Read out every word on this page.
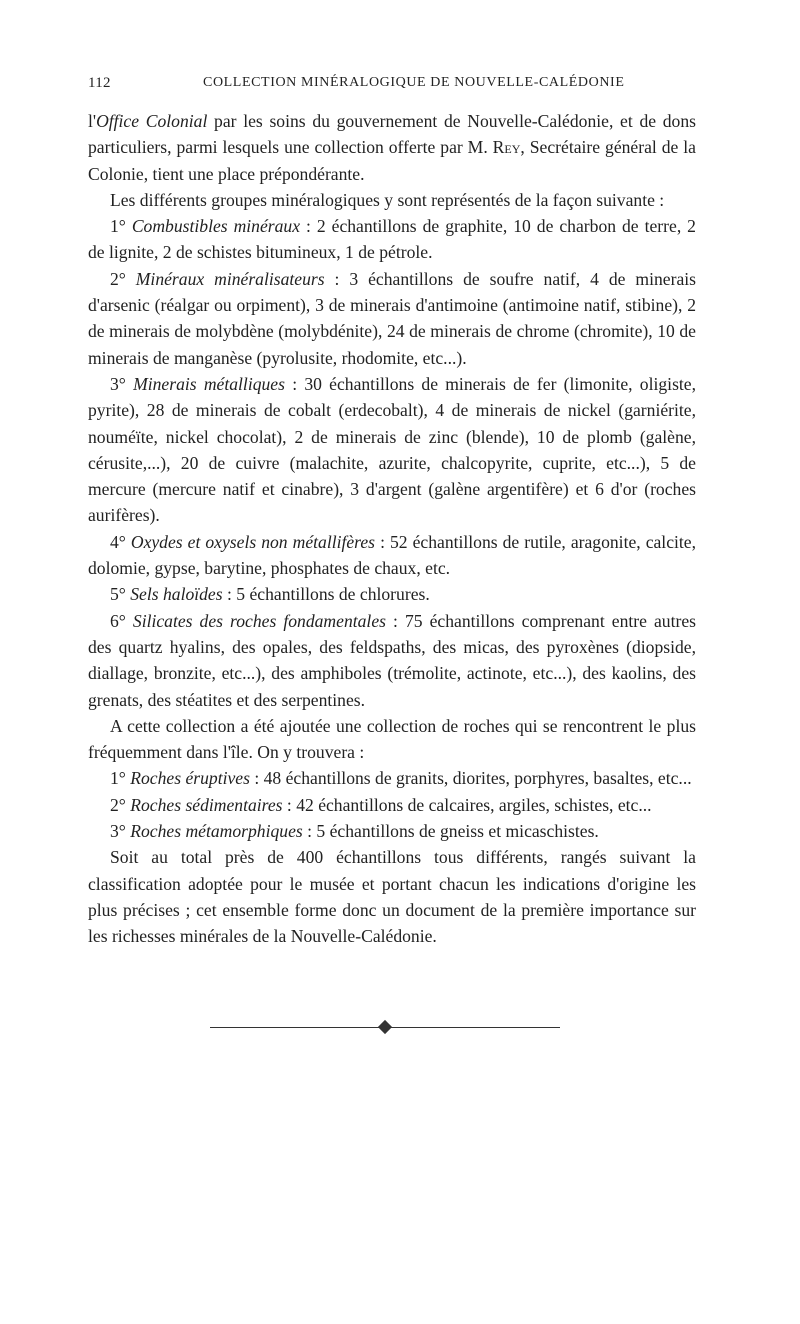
112	COLLECTION MINÉRALOGIQUE DE NOUVELLE-CALÉDONIE

l'Office Colonial par les soins du gouvernement de Nouvelle-Calédonie, et de dons particuliers, parmi lesquels une collection offerte par M. Rey, Secrétaire général de la Colonie, tient une place prépondérante.

Les différents groupes minéralogiques y sont représentés de la façon suivante :

1° Combustibles minéraux : 2 échantillons de graphite, 10 de charbon de terre, 2 de lignite, 2 de schistes bitumineux, 1 de pétrole.

2° Minéraux minéralisateurs : 3 échantillons de soufre natif, 4 de minerais d'arsenic (réalgar ou orpiment), 3 de minerais d'antimoine (antimoine natif, stibine), 2 de minerais de molybdène (molybdénite), 24 de minerais de chrome (chromite), 10 de minerais de manganèse (pyrolusite, rhodomite, etc...).

3° Minerais métalliques : 30 échantillons de minerais de fer (limonite, oligiste, pyrite), 28 de minerais de cobalt (erdecobalt), 4 de minerais de nickel (garniérite, nouméïte, nickel chocolat), 2 de minerais de zinc (blende), 10 de plomb (galène, cérusite,...), 20 de cuivre (malachite, azurite, chalcopyrite, cuprite, etc...), 5 de mercure (mercure natif et cinabre), 3 d'argent (galène argentifère) et 6 d'or (roches aurifères).

4° Oxydes et oxysels non métallifères : 52 échantillons de rutile, aragonite, calcite, dolomie, gypse, barytine, phosphates de chaux, etc.

5° Sels haloïdes : 5 échantillons de chlorures.

6° Silicates des roches fondamentales : 75 échantillons comprenant entre autres des quartz hyalins, des opales, des feldspaths, des micas, des pyroxènes (diopside, diallage, bronzite, etc...), des amphiboles (trémolite, actinote, etc...), des kaolins, des grenats, des stéatites et des serpentines.

A cette collection a été ajoutée une collection de roches qui se rencontrent le plus fréquemment dans l'île. On y trouvera :

1° Roches éruptives : 48 échantillons de granits, diorites, porphyres, basaltes, etc...

2° Roches sédimentaires : 42 échantillons de calcaires, argiles, schistes, etc...

3° Roches métamorphiques : 5 échantillons de gneiss et micaschistes.

Soit au total près de 400 échantillons tous différents, rangés suivant la classification adoptée pour le musée et portant chacun les indications d'origine les plus précises ; cet ensemble forme donc un document de la première importance sur les richesses minérales de la Nouvelle-Calédonie.
